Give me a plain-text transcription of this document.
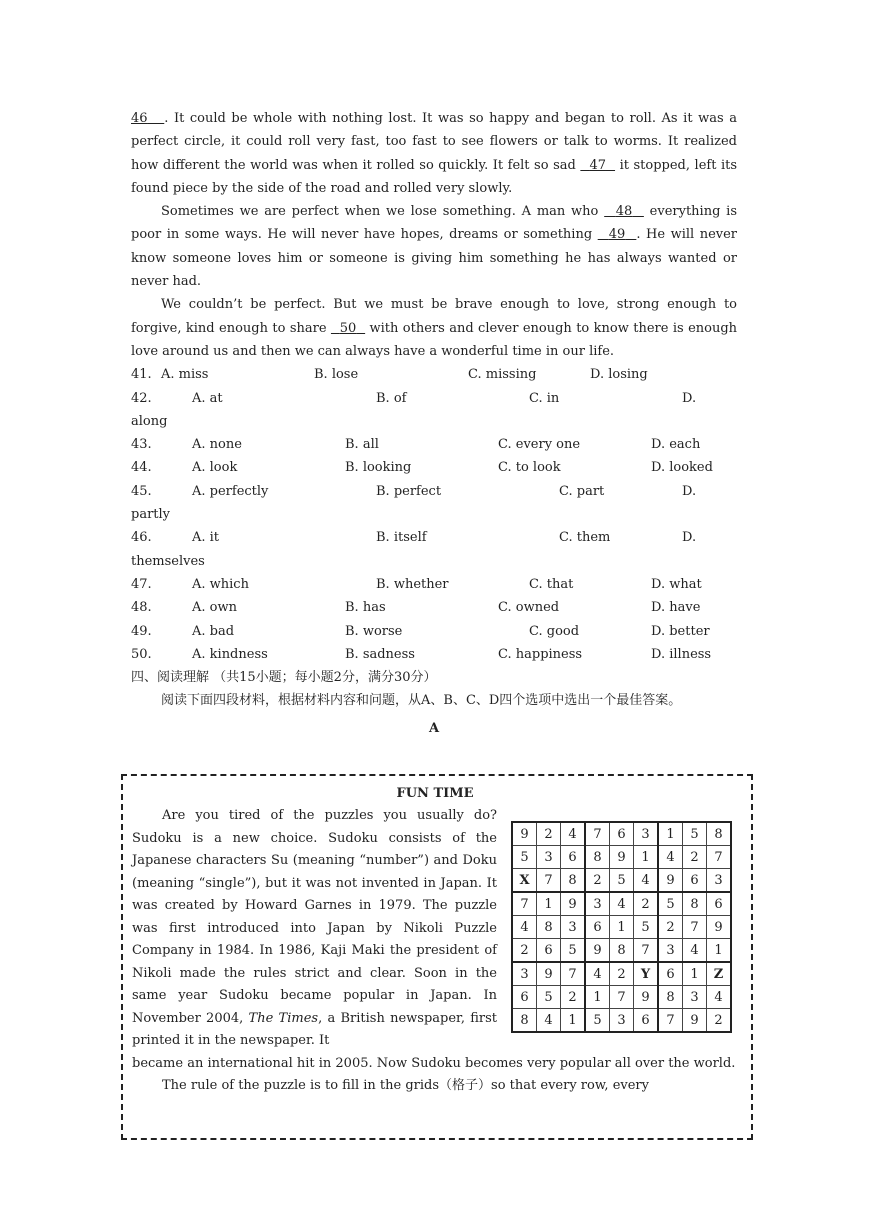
46 . It could be whole with nothing lost. It was so happy and began to roll. As it was a perfect circle, it could roll very fast, too fast to see flowers or talk to worms. It realized how different the world was when it rolled so quickly. It felt so sad   47   it stopped, left its found piece by the side of the road and rolled very slowly.

Sometimes we are perfect when we lose something. A man who   48   everything is poor in some ways. He will never have hopes, dreams or something   49 . He will never know someone loves him or someone is giving him something he has always wanted or never had.

We couldn’t be perfect. But we must be brave enough to love, strong enough to forgive, kind enough to share   50   with others and clever enough to know there is enough love around us and then we can always have a wonderful time in our life.

41. A. miss	B. lose	C. missing	D. losing
42.	A. at	B. of	C. in	D.
along
43.	A. none	B. all	C. every one	D. each
44.	A. look	B. looking	C. to look	D. looked
45.	A. perfectly	B. perfect	C. part	D.
partly
46.	A. it	B. itself	C. them	D.
themselves
47.	A. which	B. whether	C. that	D. what
48.	A. own	B. has	C. owned	D. have
49.	A. bad	B. worse	C. good	D. better
50.	A. kindness	B. sadness	C. happiness	D. illness

四、阅读理解 （共15小题；每小题2分，满分30分）

阅读下面四段材料，根据材料内容和问题，从A、B、C、D四个选项中选出一个最佳答案。

A

FUN TIME
Are you tired of the puzzles you usually do? Sudoku is a new choice. Sudoku consists of the Japanese characters Su (meaning “number”) and Doku (meaning “single”), but it was not invented in Japan. It was created by Howard Garnes in 1979. The puzzle was first introduced into Japan by Nikoli Puzzle Company in 1984. In 1986, Kaji Maki the president of Nikoli made the rules strict and clear. Soon in the same year Sudoku became popular in Japan. In November 2004, The Times, a British newspaper, first printed it in the newspaper. It
became an international hit in 2005. Now Sudoku becomes very popular all over the world.
The rule of the puzzle is to fill in the grids（格子）so that every row, every
9	2	4	7	6	3	1	5	8
5	3	6	8	9	1	4	2	7
X	7	8	2	5	4	9	6	3
7	1	9	3	4	2	5	8	6
4	8	3	6	1	5	2	7	9
2	6	5	9	8	7	3	4	1
3	9	7	4	2	Y	6	1	Z
6	5	2	1	7	9	8	3	4
8	4	1	5	3	6	7	9	2
